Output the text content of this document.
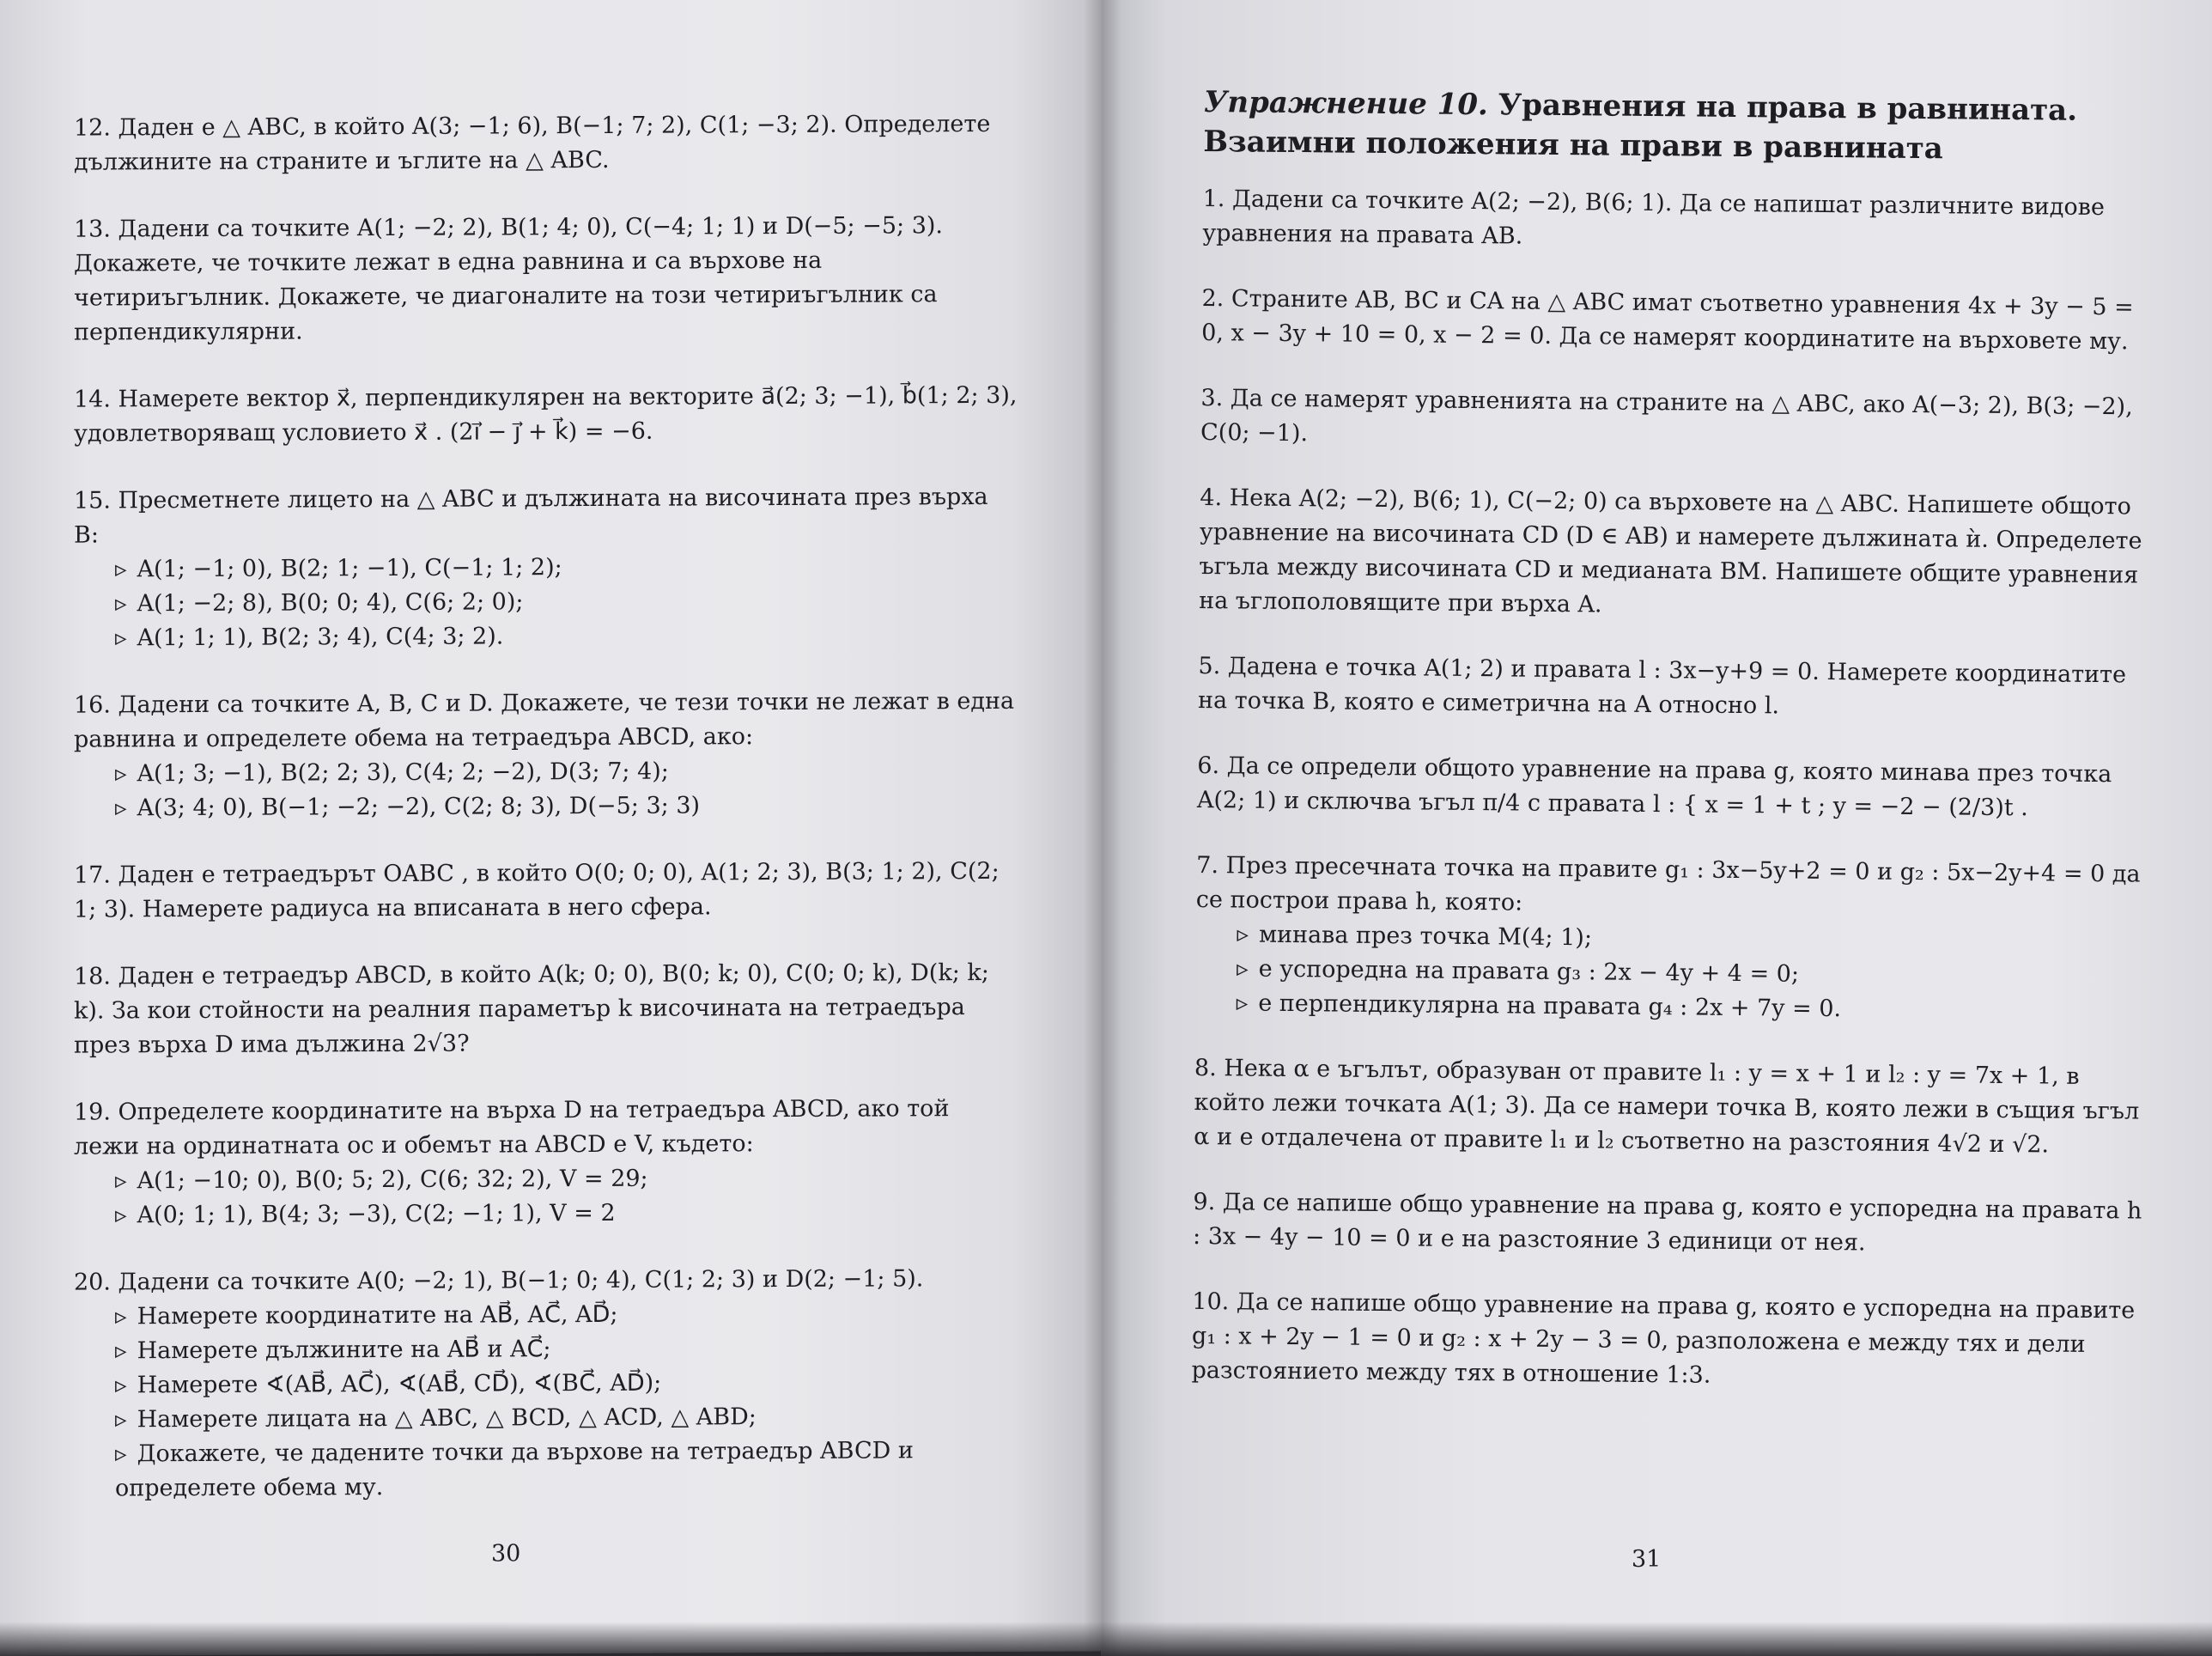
12. Даден е △ ABC, в който A(3; −1; 6), B(−1; 7; 2), C(1; −3; 2). Определете дължините на страните и ъглите на △ ABC.
13. Дадени са точките A(1; −2; 2), B(1; 4; 0), C(−4; 1; 1) и D(−5; −5; 3). Докажете, че точките лежат в една равнина и са върхове на четириъгълник. Докажете, че диагоналите на този четириъгълник са перпендикулярни.
14. Намерете вектор x⃗, перпендикулярен на векторите a⃗(2; 3; −1), b⃗(1; 2; 3), удовлетворяващ условието x⃗ . (2i⃗ − j⃗ + k⃗) = −6.
15. Пресметнете лицето на △ ABC и дължината на височината през върха B:
▹ A(1; −1; 0), B(2; 1; −1), C(−1; 1; 2);
▹ A(1; −2; 8), B(0; 0; 4), C(6; 2; 0);
▹ A(1; 1; 1), B(2; 3; 4), C(4; 3; 2).
16. Дадени са точките A, B, C и D. Докажете, че тези точки не лежат в една равнина и определете обема на тетраедъра ABCD, ако:
▹ A(1; 3; −1), B(2; 2; 3), C(4; 2; −2), D(3; 7; 4);
▹ A(3; 4; 0), B(−1; −2; −2), C(2; 8; 3), D(−5; 3; 3)
17. Даден е тетраедърът OABC , в който O(0; 0; 0), A(1; 2; 3), B(3; 1; 2), C(2; 1; 3). Намерете радиуса на вписаната в него сфера.
18. Даден е тетраедър ABCD, в който A(k; 0; 0), B(0; k; 0), C(0; 0; k), D(k; k; k). За кои стойности на реалния параметър k височината на тетраедъра през върха D има дължина 2√3?
19. Определете координатите на върха D на тетраедъра ABCD, ако той лежи на ординатната ос и обемът на ABCD е V, където:
▹ A(1; −10; 0), B(0; 5; 2), C(6; 32; 2), V = 29;
▹ A(0; 1; 1), B(4; 3; −3), C(2; −1; 1), V = 2
20. Дадени са точките A(0; −2; 1), B(−1; 0; 4), C(1; 2; 3) и D(2; −1; 5).
▹ Намерете координатите на AB⃗, AC⃗, AD⃗;
▹ Намерете дължините на AB⃗ и AC⃗;
▹ Намерете ∢(AB⃗, AC⃗), ∢(AB⃗, CD⃗), ∢(BC⃗, AD⃗);
▹ Намерете лицата на △ ABC, △ BCD, △ ACD, △ ABD;
▹ Докажете, че дадените точки да върхове на тетраедър ABCD и определете обема му.
30
Упражнение 10. Уравнения на права в равнината. Взаимни положения на прави в равнината
1. Дадени са точките A(2; −2), B(6; 1). Да се напишат различните видове уравнения на правата AB.
2. Страните AB, BC и CA на △ ABC имат съответно уравнения 4x + 3y − 5 = 0, x − 3y + 10 = 0, x − 2 = 0. Да се намерят координатите на върховете му.
3. Да се намерят уравненията на страните на △ ABC, ако A(−3; 2), B(3; −2), C(0; −1).
4. Нека A(2; −2), B(6; 1), C(−2; 0) са върховете на △ ABC. Напишете общото уравнение на височината CD (D ∈ AB) и намерете дължината ѝ. Определете ъгъла между височината CD и медианата BM. Напишете общите уравнения на ъглополовящите при върха A.
5. Дадена е точка A(1; 2) и правата l : 3x−y+9 = 0. Намерете координатите на точка B, която е симетрична на A относно l.
6. Да се определи общото уравнение на права g, която минава през точка A(2; 1) и сключва ъгъл π/4 с правата l : { x = 1 + t ; y = −2 − (2/3)t .
7. През пресечната точка на правите g₁ : 3x−5y+2 = 0 и g₂ : 5x−2y+4 = 0 да се построи права h, която:
▹ минава през точка M(4; 1);
▹ е успоредна на правата g₃ : 2x − 4y + 4 = 0;
▹ е перпендикулярна на правата g₄ : 2x + 7y = 0.
8. Нека α е ъгълът, образуван от правите l₁ : y = x + 1 и l₂ : y = 7x + 1, в който лежи точката A(1; 3). Да се намери точка B, която лежи в същия ъгъл α и е отдалечена от правите l₁ и l₂ съответно на разстояния 4√2 и √2.
9. Да се напише общо уравнение на права g, която е успоредна на правата h : 3x − 4y − 10 = 0 и е на разстояние 3 единици от нея.
10. Да се напише общо уравнение на права g, която е успоредна на правите g₁ : x + 2y − 1 = 0 и g₂ : x + 2y − 3 = 0, разположена е между тях и дели разстоянието между тях в отношение 1:3.
31
